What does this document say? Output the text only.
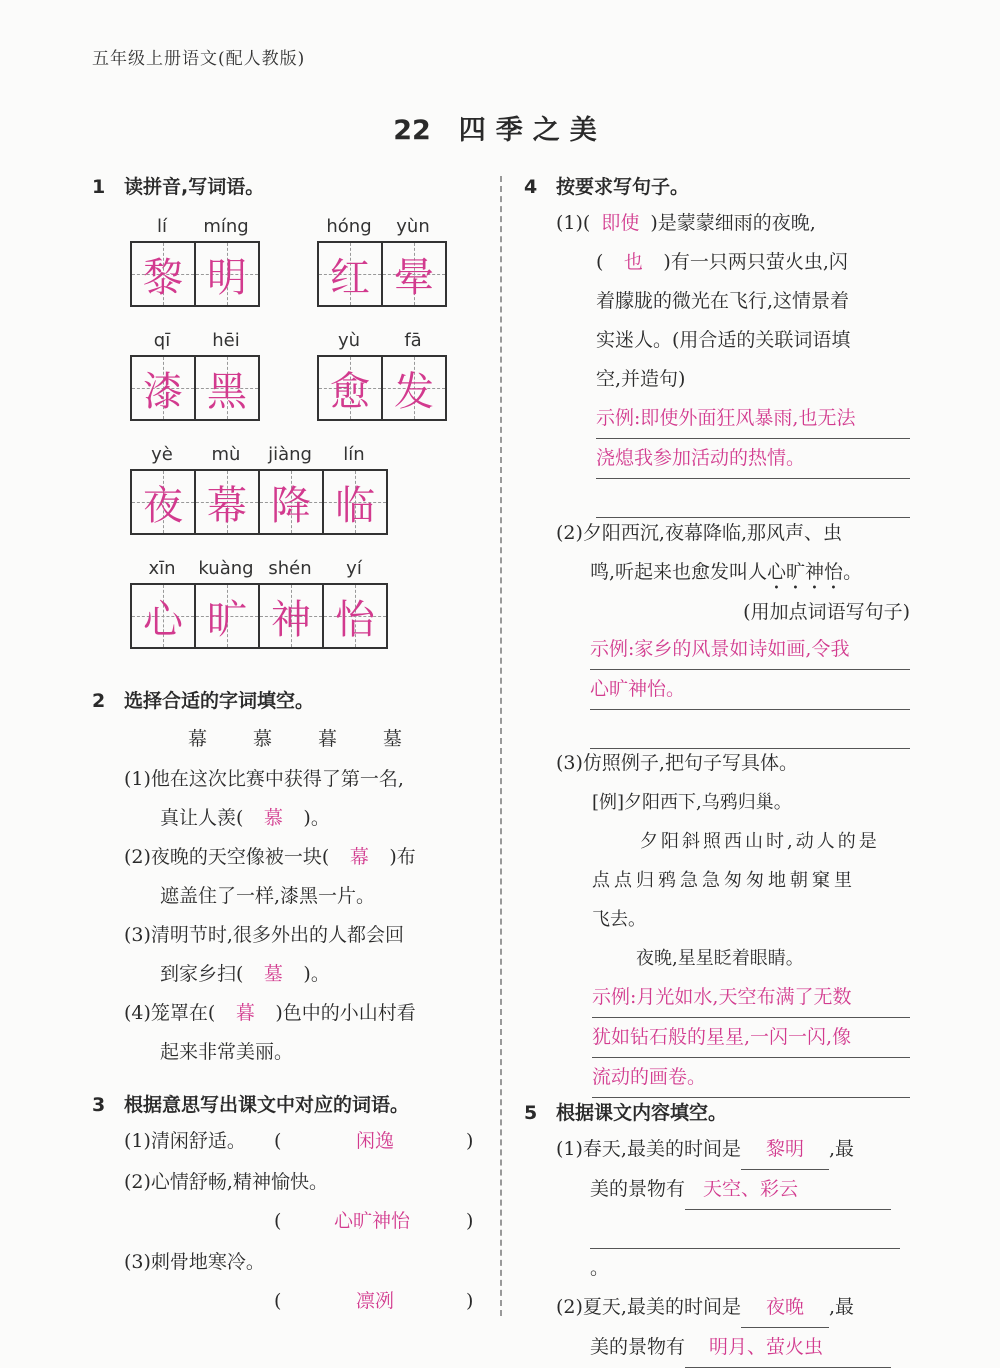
五年级上册语文(配人教版)
22 四季之美
1 读拼音,写词语。
lí	míng
黎 明
hóng	yùn
红 晕
qī	hēi
漆 黑
yù	fā
愈 发
yè	mù	jiàng	lín
夜 幕 降 临
xīn	kuàng shén	yí
心 旷 神 怡
2 选择合适的字词填空。
幕 慕 暮 墓
(1)他在这次比赛中获得了第一名,
真让人羡( 慕 )。
(2)夜晚的天空像被一块( 幕 )布
遮盖住了一样,漆黑一片。
(3)清明节时,很多外出的人都会回
到家乡扫( 墓 )。
(4)笼罩在( 暮 )色中的小山村看
起来非常美丽。
3 根据意思写出课文中对应的词语。
(1)清闲舒适。 (	闲逸	)
(2)心情舒畅,精神愉快。
(	心旷神怡	)
(3)刺骨地寒冷。
(	凛冽	)
4 按要求写句子。
(1)( 即使 )是蒙蒙细雨的夜晚,
( 也 )有一只两只萤火虫,闪
着朦胧的微光在飞行,这情景着
实迷人。(用合适的关联词语填
空,并造句)
示例:即使外面狂风暴雨,也无法
浇熄我参加活动的热情。
(2)夕阳西沉,夜幕降临,那风声、虫
鸣,听起来也愈发叫人心旷神怡。
(用加点词语写句子)
示例:家乡的风景如诗如画,令我
心旷神怡。
(3)仿照例子,把句子写具体。
[例]夕阳西下,乌鸦归巢。
夕阳斜照西山时,动人的是
点点归鸦急急匆匆地朝窠里
飞去。
夜晚,星星眨着眼睛。
示例:月光如水,天空布满了无数
犹如钻石般的星星,一闪一闪,像
流动的画卷。
5 根据课文内容填空。
(1)春天,最美的时间是 黎明 ,最
美的景物有 天空、彩云
。
(2)夏天,最美的时间是 夜晚 ,最
美的景物有 明月、萤火虫
